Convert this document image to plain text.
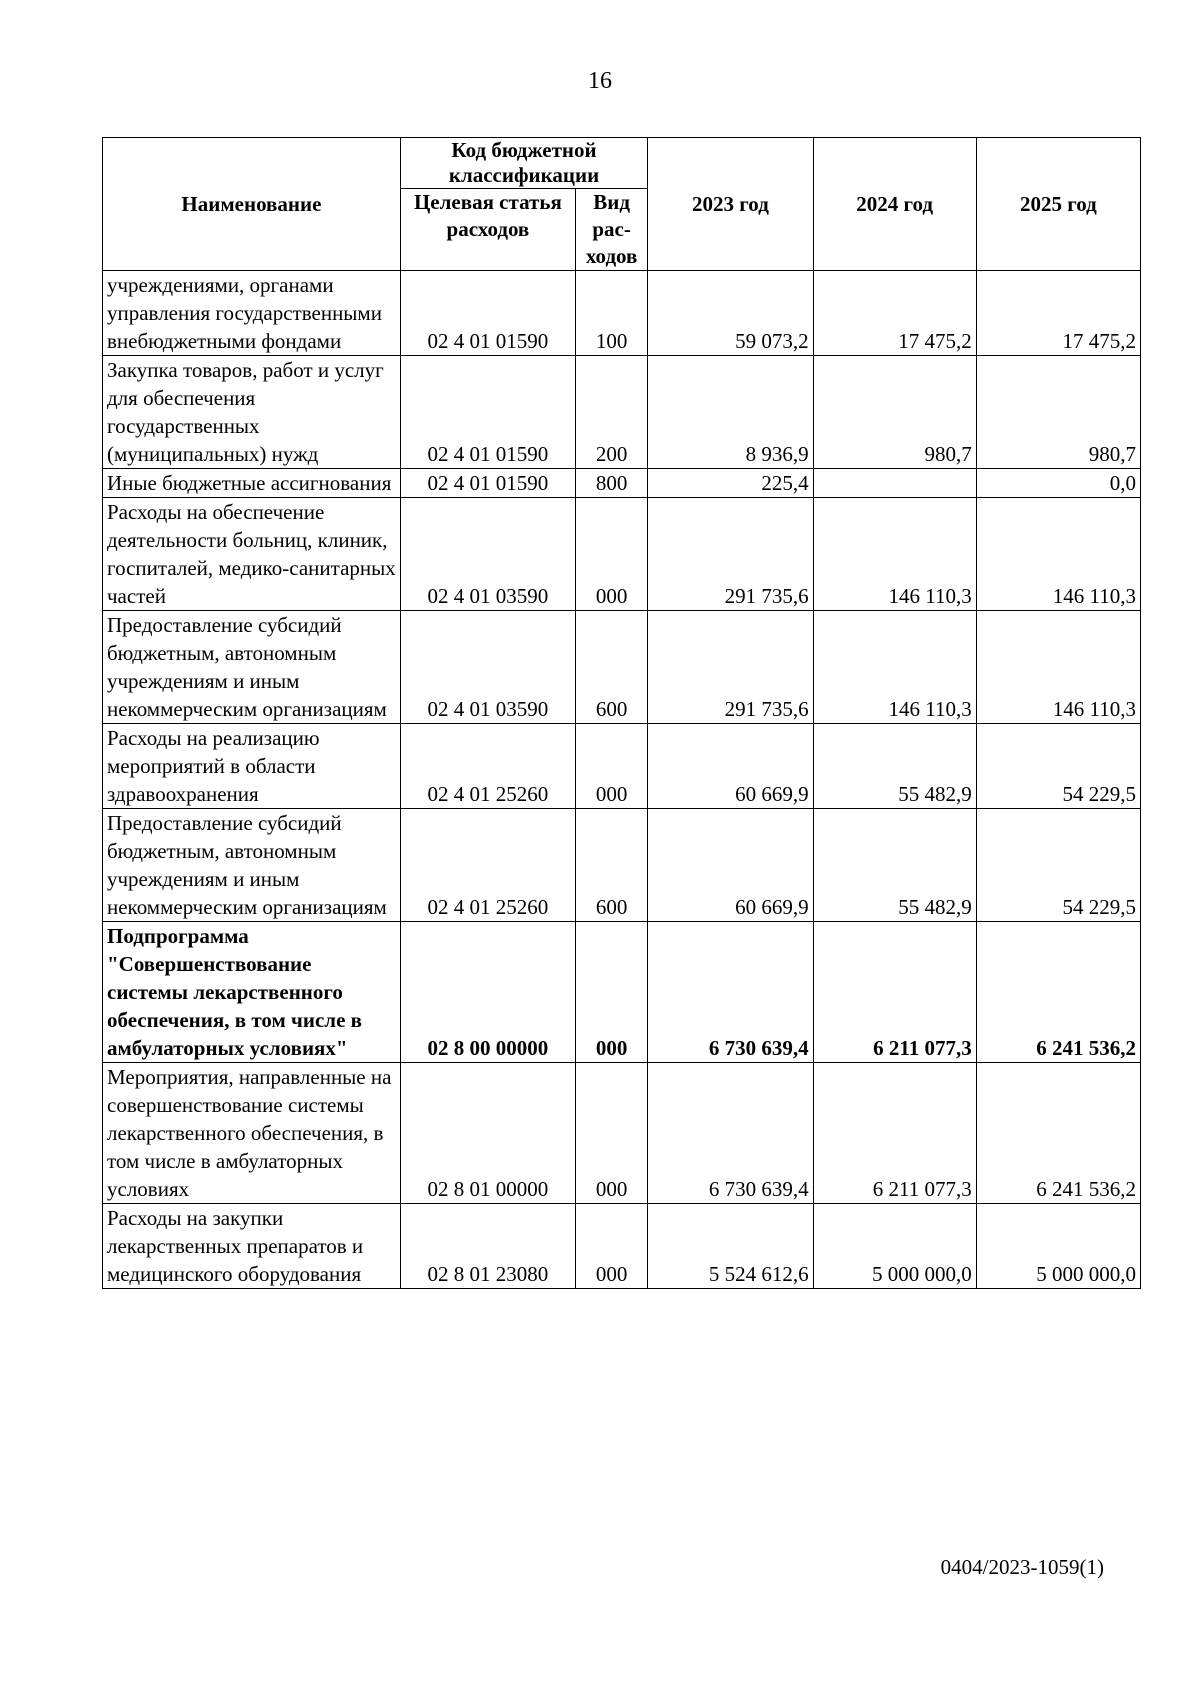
16
Наименование	Код бюджетной классификации		2023 год	2024 год	2025 год
	Целевая статья расходов	Вид рас-ходов			
учреждениями, органами управления государственными внебюджетными фондами	02 4 01 01590	100	59 073,2	17 475,2	17 475,2
Закупка товаров, работ и услуг для обеспечения государственных (муниципальных) нужд	02 4 01 01590	200	8 936,9	980,7	980,7
Иные бюджетные ассигнования	02 4 01 01590	800	225,4		0,0
Расходы на обеспечение деятельности больниц, клиник, госпиталей, медико-санитарных частей	02 4 01 03590	000	291 735,6	146 110,3	146 110,3
Предоставление субсидий бюджетным, автономным учреждениям и иным некоммерческим организациям	02 4 01 03590	600	291 735,6	146 110,3	146 110,3
Расходы на реализацию мероприятий в области здравоохранения	02 4 01 25260	000	60 669,9	55 482,9	54 229,5
Предоставление субсидий бюджетным, автономным учреждениям и иным некоммерческим организациям	02 4 01 25260	600	60 669,9	55 482,9	54 229,5
Подпрограмма "Совершенствование системы лекарственного обеспечения, в том числе в амбулаторных условиях"	02 8 00 00000	000	6 730 639,4	6 211 077,3	6 241 536,2
Мероприятия, направленные на совершенствование системы лекарственного обеспечения, в том числе в амбулаторных условиях	02 8 01 00000	000	6 730 639,4	6 211 077,3	6 241 536,2
Расходы на закупки лекарственных препаратов и медицинского оборудования	02 8 01 23080	000	5 524 612,6	5 000 000,0	5 000 000,0
0404/2023-1059(1)
